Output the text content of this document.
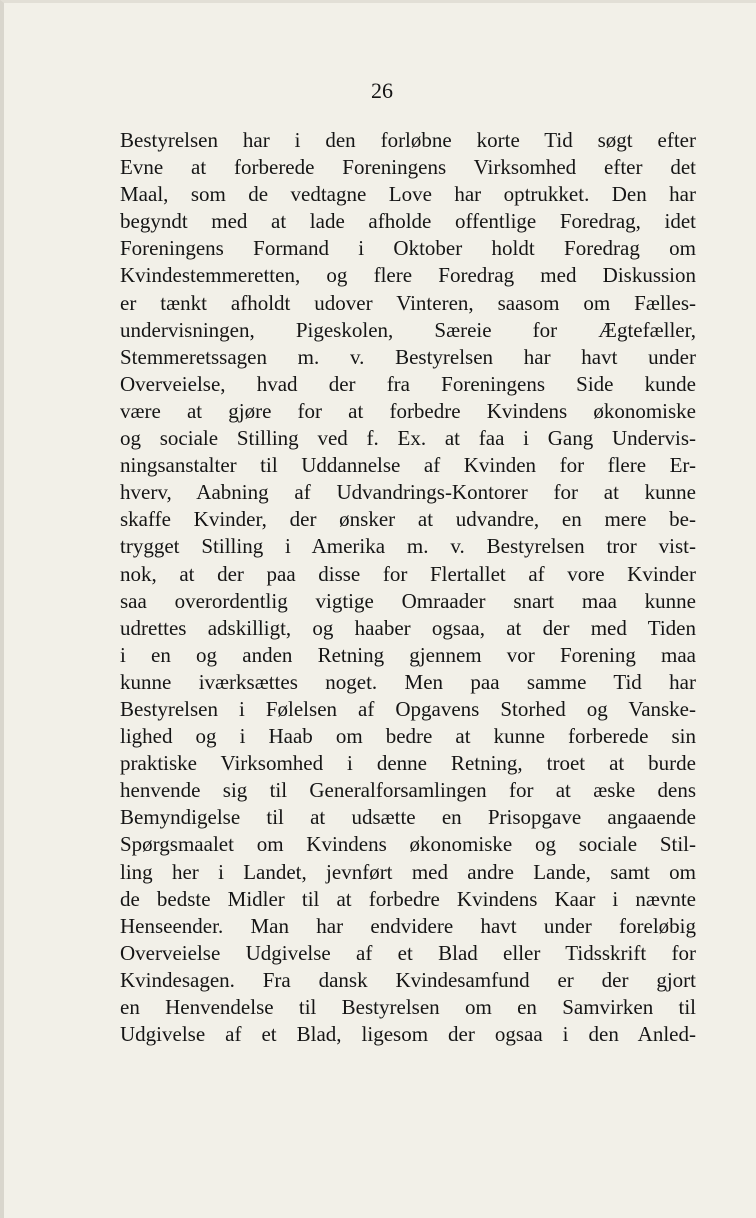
26
Bestyrelsen har i den forløbne korte Tid søgt efter
Evne at forberede Foreningens Virksomhed efter det
Maal, som de vedtagne Love har optrukket. Den har
begyndt med at lade afholde offentlige Foredrag, idet
Foreningens Formand i Oktober holdt Foredrag om
Kvindestemmeretten, og flere Foredrag med Diskussion
er tænkt afholdt udover Vinteren, saasom om Fælles-
undervisningen, Pigeskolen, Særeie for Ægtefæller,
Stemmeretssagen m. v. Bestyrelsen har havt under
Overveielse, hvad der fra Foreningens Side kunde
være at gjøre for at forbedre Kvindens økonomiske
og sociale Stilling ved f. Ex. at faa i Gang Undervis-
ningsanstalter til Uddannelse af Kvinden for flere Er-
hverv, Aabning af Udvandrings-Kontorer for at kunne
skaffe Kvinder, der ønsker at udvandre, en mere be-
trygget Stilling i Amerika m. v. Bestyrelsen tror vist-
nok, at der paa disse for Flertallet af vore Kvinder
saa overordentlig vigtige Omraader snart maa kunne
udrettes adskilligt, og haaber ogsaa, at der med Tiden
i en og anden Retning gjennem vor Forening maa
kunne iværksættes noget. Men paa samme Tid har
Bestyrelsen i Følelsen af Opgavens Storhed og Vanske-
lighed og i Haab om bedre at kunne forberede sin
praktiske Virksomhed i denne Retning, troet at burde
henvende sig til Generalforsamlingen for at æske dens
Bemyndigelse til at udsætte en Prisopgave angaaende
Spørgsmaalet om Kvindens økonomiske og sociale Stil-
ling her i Landet, jevnført med andre Lande, samt om
de bedste Midler til at forbedre Kvindens Kaar i nævnte
Henseender. Man har endvidere havt under foreløbig
Overveielse Udgivelse af et Blad eller Tidsskrift for
Kvindesagen. Fra dansk Kvindesamfund er der gjort
en Henvendelse til Bestyrelsen om en Samvirken til
Udgivelse af et Blad, ligesom der ogsaa i den Anled-
